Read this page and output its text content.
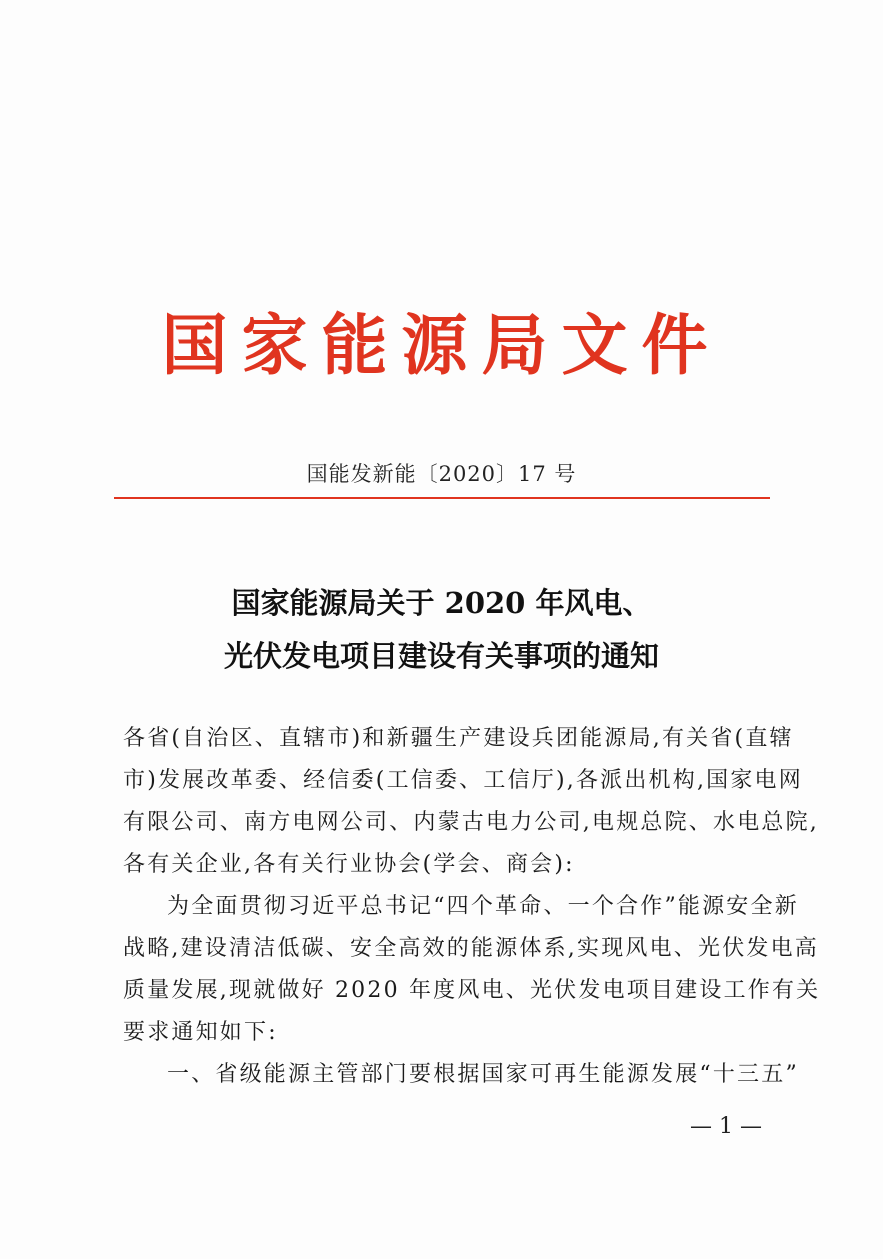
国家能源局文件
国能发新能〔2020〕17 号
国家能源局关于 2020 年风电、
光伏发电项目建设有关事项的通知
各省(自治区、直辖市)和新疆生产建设兵团能源局,有关省(直辖
市)发展改革委、经信委(工信委、工信厅),各派出机构,国家电网
有限公司、南方电网公司、内蒙古电力公司,电规总院、水电总院,
各有关企业,各有关行业协会(学会、商会):
为全面贯彻习近平总书记“四个革命、一个合作”能源安全新
战略,建设清洁低碳、安全高效的能源体系,实现风电、光伏发电高
质量发展,现就做好 2020 年度风电、光伏发电项目建设工作有关
要求通知如下:
一、省级能源主管部门要根据国家可再生能源发展“十三五”
— 1 —
